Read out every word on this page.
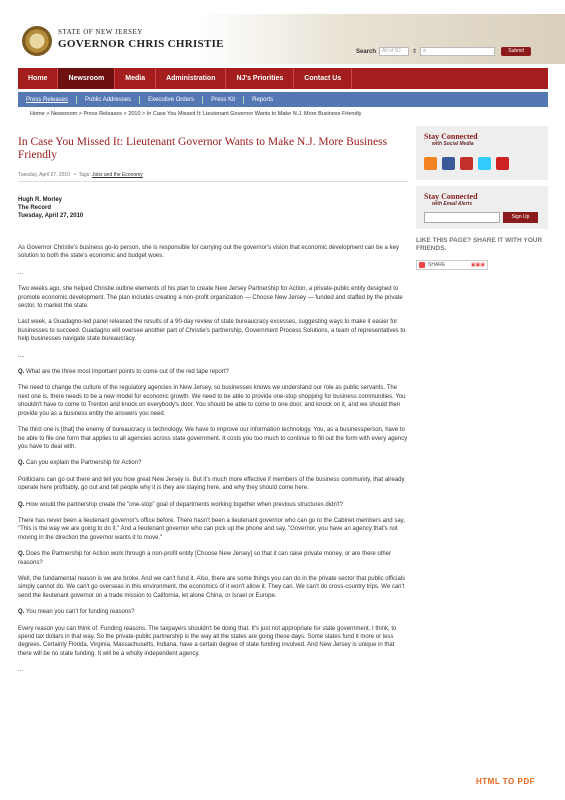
STATE OF NEW JERSEY
GOVERNOR CHRIS CHRISTIE
Search	All of NJ	⇕ ⌕	Submit
Home	Newsroom	Media	Administration	NJ's Priorities	Contact Us
Press Releases	Public Addresses	Executive Orders	Press Kit	Reports
Home > Newsroom > Press Releases > 2010 > In Case You Missed It: Lieutenant Governor Wants to Make N.J. More Business Friendly
In Case You Missed It: Lieutenant Governor Wants to Make N.J. More Business Friendly
Tuesday, April 27, 2010   •  Tags: Jobs and the Economy
Hugh R. Morley
The Record
Tuesday, April 27, 2010

As Governor Christie's business go-to person, she is responsible for carrying out the governor's vision that economic development can be a key solution to both the state's economic and budget woes.

...

Two weeks ago, she helped Christie outline elements of his plan to create New Jersey Partnership for Action, a private-public entity designed to promote economic development. The plan includes creating a non-profit organization — Choose New Jersey — funded and staffed by the private sector, to market the state.

Last week, a Guadagno-led panel released the results of a 90-day review of state bureaucracy excesses, suggesting ways to make it easier for businesses to succeed. Guadagno will oversee another part of Christie's partnership, Government Process Solutions, a team of representatives to help businesses navigate state bureaucracy.

....

Q. What are the three most important points to come out of the red tape report?

The need to change the culture of the regulatory agencies in New Jersey, so businesses knows we understand our role as public servants. The next one is, there needs to be a new model for economic growth. We need to be able to provide one-stop shopping for business communities. You shouldn't have to come to Trenton and knock on everybody's door. You should be able to come to one door, and knock on it, and we should then provide you as a business entity the answers you need.

The third one is [that] the enemy of bureaucracy is technology. We have to improve our information technology. You, as a businessperson, have to be able to file one form that applies to all agencies across state government. It costs you too much to continue to fill out the form with every agency you have to deal with.

Q. Can you explain the Partnership for Action?

Politicians can go out there and tell you how great New Jersey is. But it's much more effective if members of the business community, that already operate here profitably, go out and tell people why it is they are staying here, and why they should come here.

Q. How would the partnership create the "one-stop" goal of departments working together when previous structures didn't?

There has never been a lieutenant governor's office before. There hasn't been a lieutenant governor who can go to the Cabinet members and say, "This is the way we are going to do it." And a lieutenant governor who can pick up the phone and say, "Governor, you have an agency that's not moving in the direction the governor wants it to move."

Q. Does the Partnership for Action work through a non-profit entity [Choose New Jersey] so that it can raise private money, or are there other reasons?

Well, the fundamental reason is we are broke. And we can't fund it. Also, there are some things you can do in the private sector that public officials simply cannot do. We can't go overseas in this environment, the economics of it won't allow it. They can. We can't do cross-country trips. We can't send the lieutenant governor on a trade mission to California, let alone China, or Israel or Europe.

Q. You mean you can't for funding reasons?

Every reason you can think of. Funding reasons. The taxpayers shouldn't be doing that. It's just not appropriate for state government, I think, to spend tax dollars in that way. So the private-public partnership is the way all the states are going these days. Some states fund it more or less degrees. Certainly Florida, Virginia, Massachusetts, Indiana, have a certain degree of state funding involved. And New Jersey is unique in that there will be no state funding. It will be a wholly independent agency.

...

Stay Connected
with Social Media
Stay Connected
with Email Alerts
Sign Up
LIKE THIS PAGE? SHARE IT WITH YOUR FRIENDS.
SHARE	▣▣▣
HTML TO PDF
